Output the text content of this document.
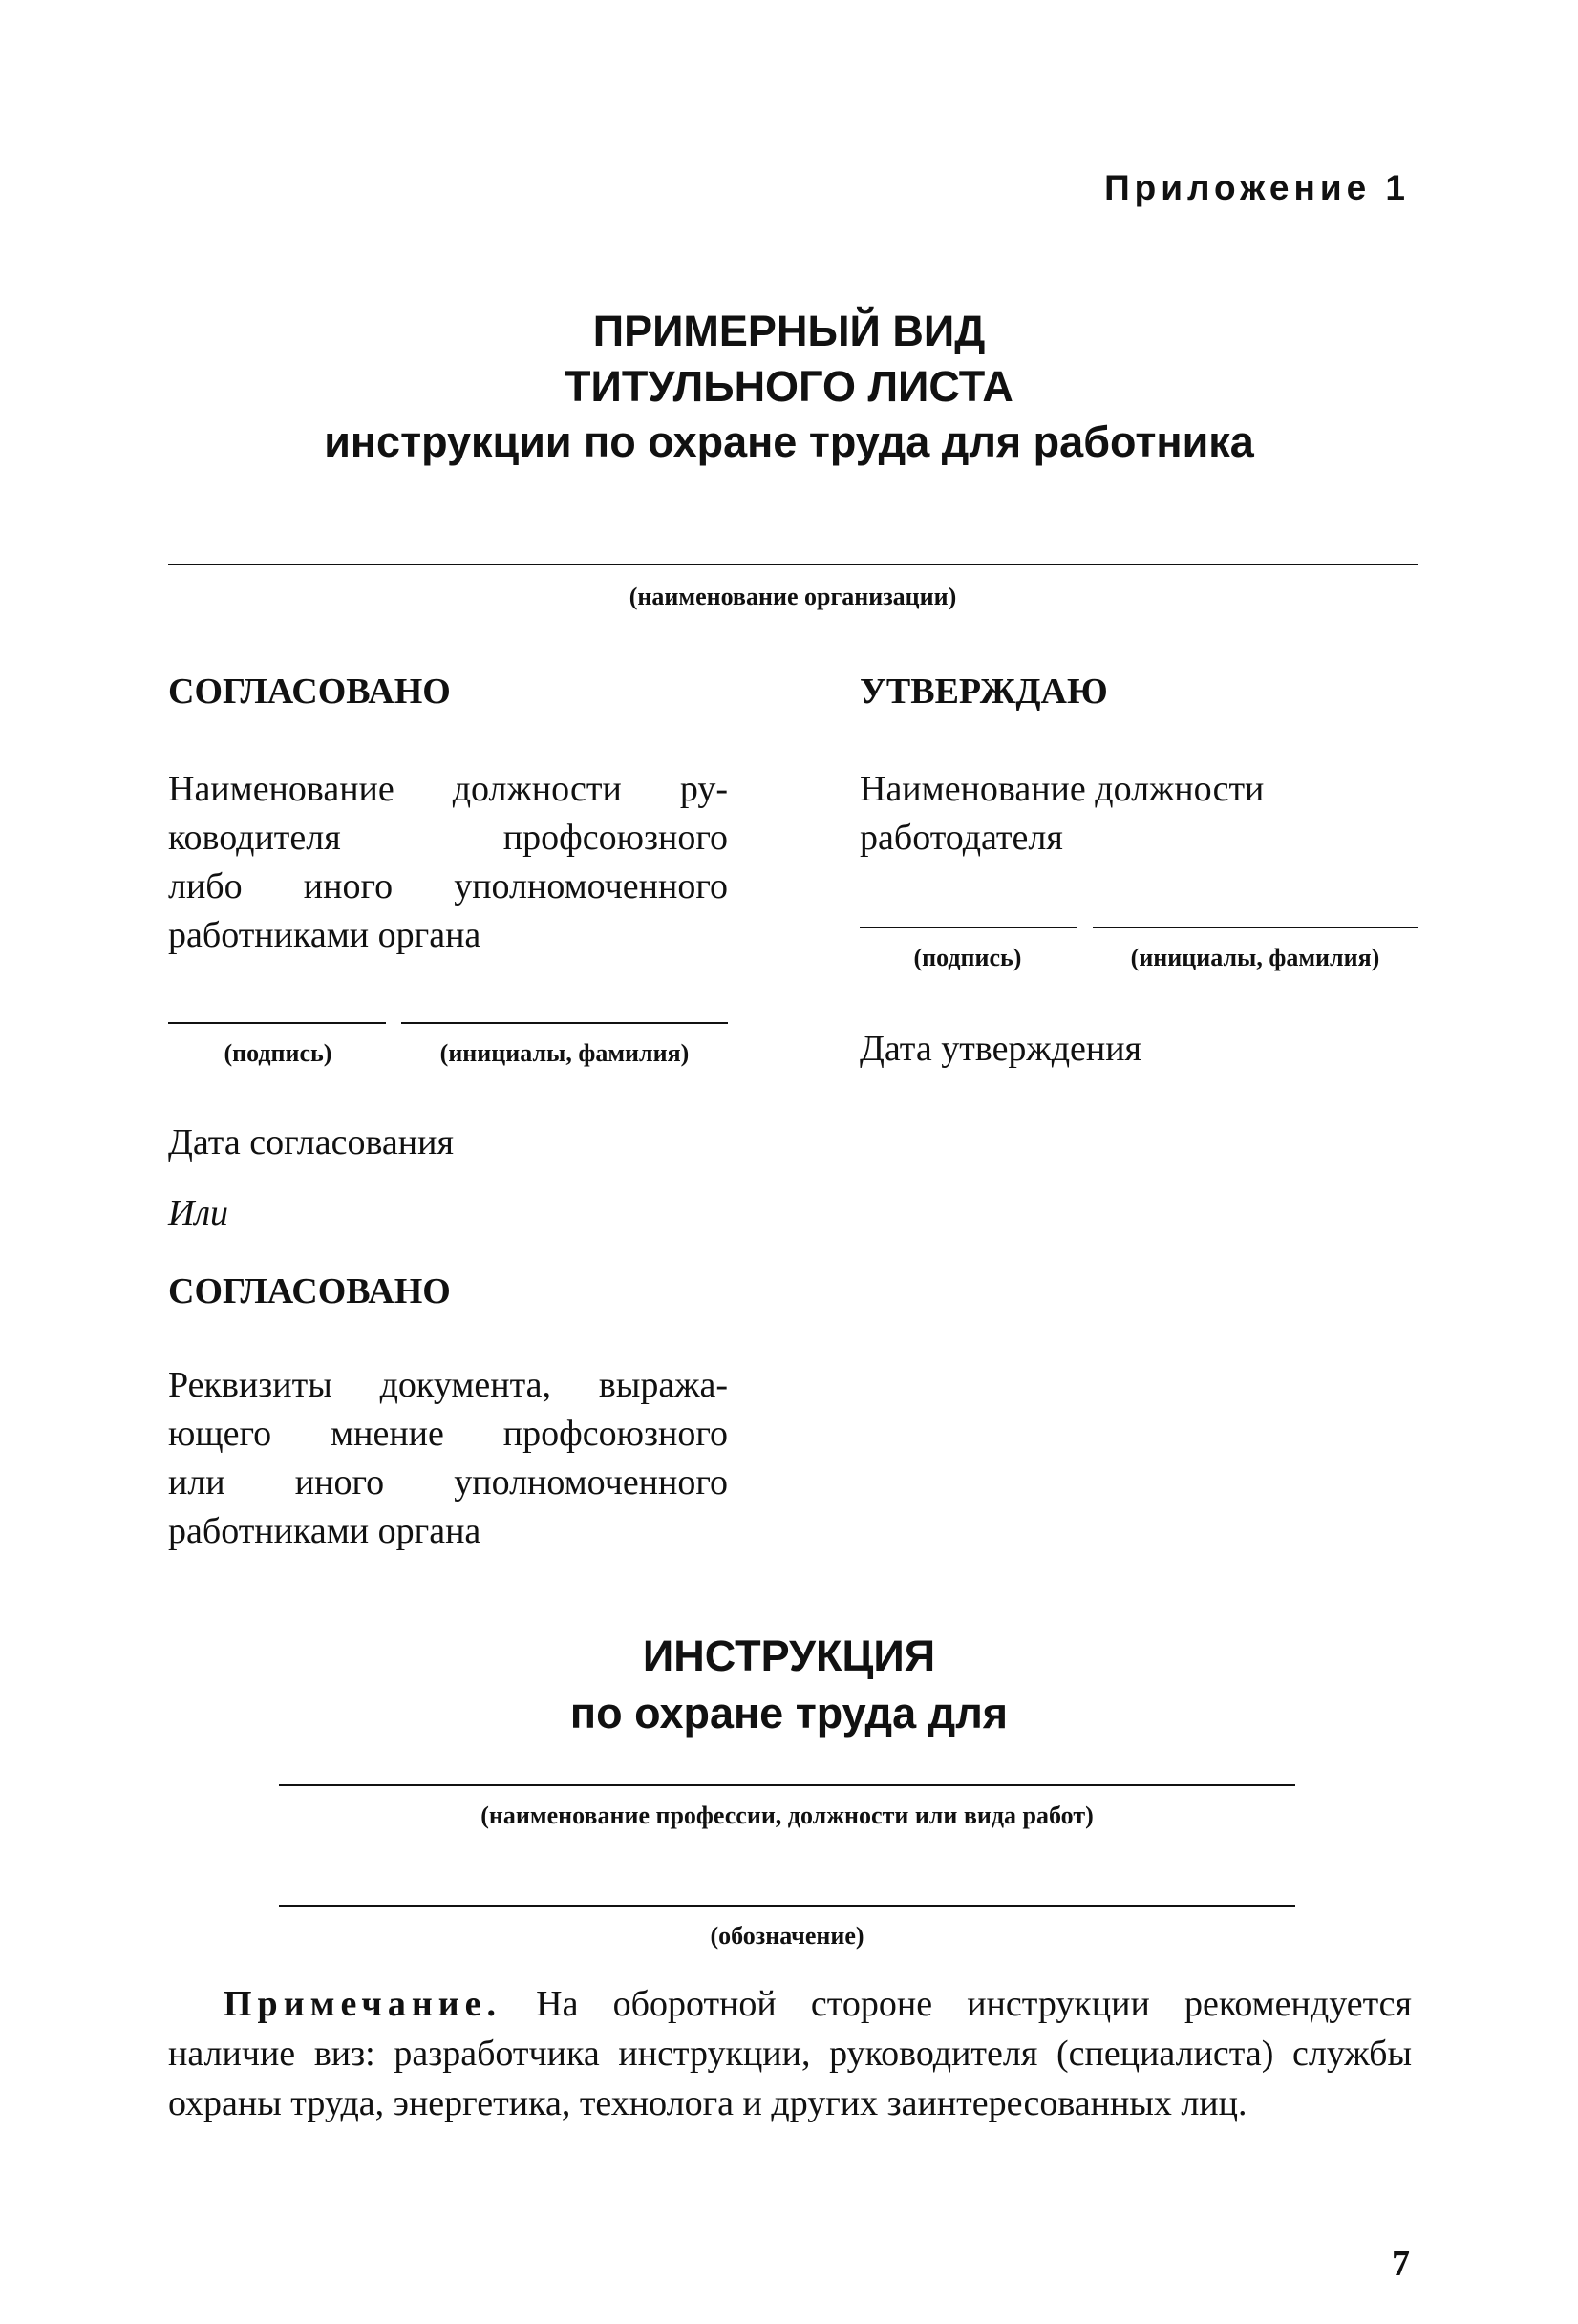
Приложение 1
ПРИМЕРНЫЙ ВИД
ТИТУЛЬНОГО ЛИСТА
инструкции по охране труда для работника
(наименование организации)
СОГЛАСОВАНО
Наименование должности ру-
ководителя профсоюзного
либо иного уполномоченного
работниками органа
(подпись)	(инициалы, фамилия)
Дата согласования
Или
СОГЛАСОВАНО
Реквизиты документа, выража-
ющего мнение профсоюзного
или иного уполномоченного
работниками органа
УТВЕРЖДАЮ
Наименование должности
работодателя
(подпись)	(инициалы, фамилия)
Дата утверждения
ИНСТРУКЦИЯ
по охране труда для
(наименование профессии, должности или вида работ)
(обозначение)
Примечание. На оборотной стороне инструкции рекомендуется наличие виз: разработчика инструкции, руководителя (специалиста) службы охраны труда, энергетика, технолога и других заинтересованных лиц.
7
